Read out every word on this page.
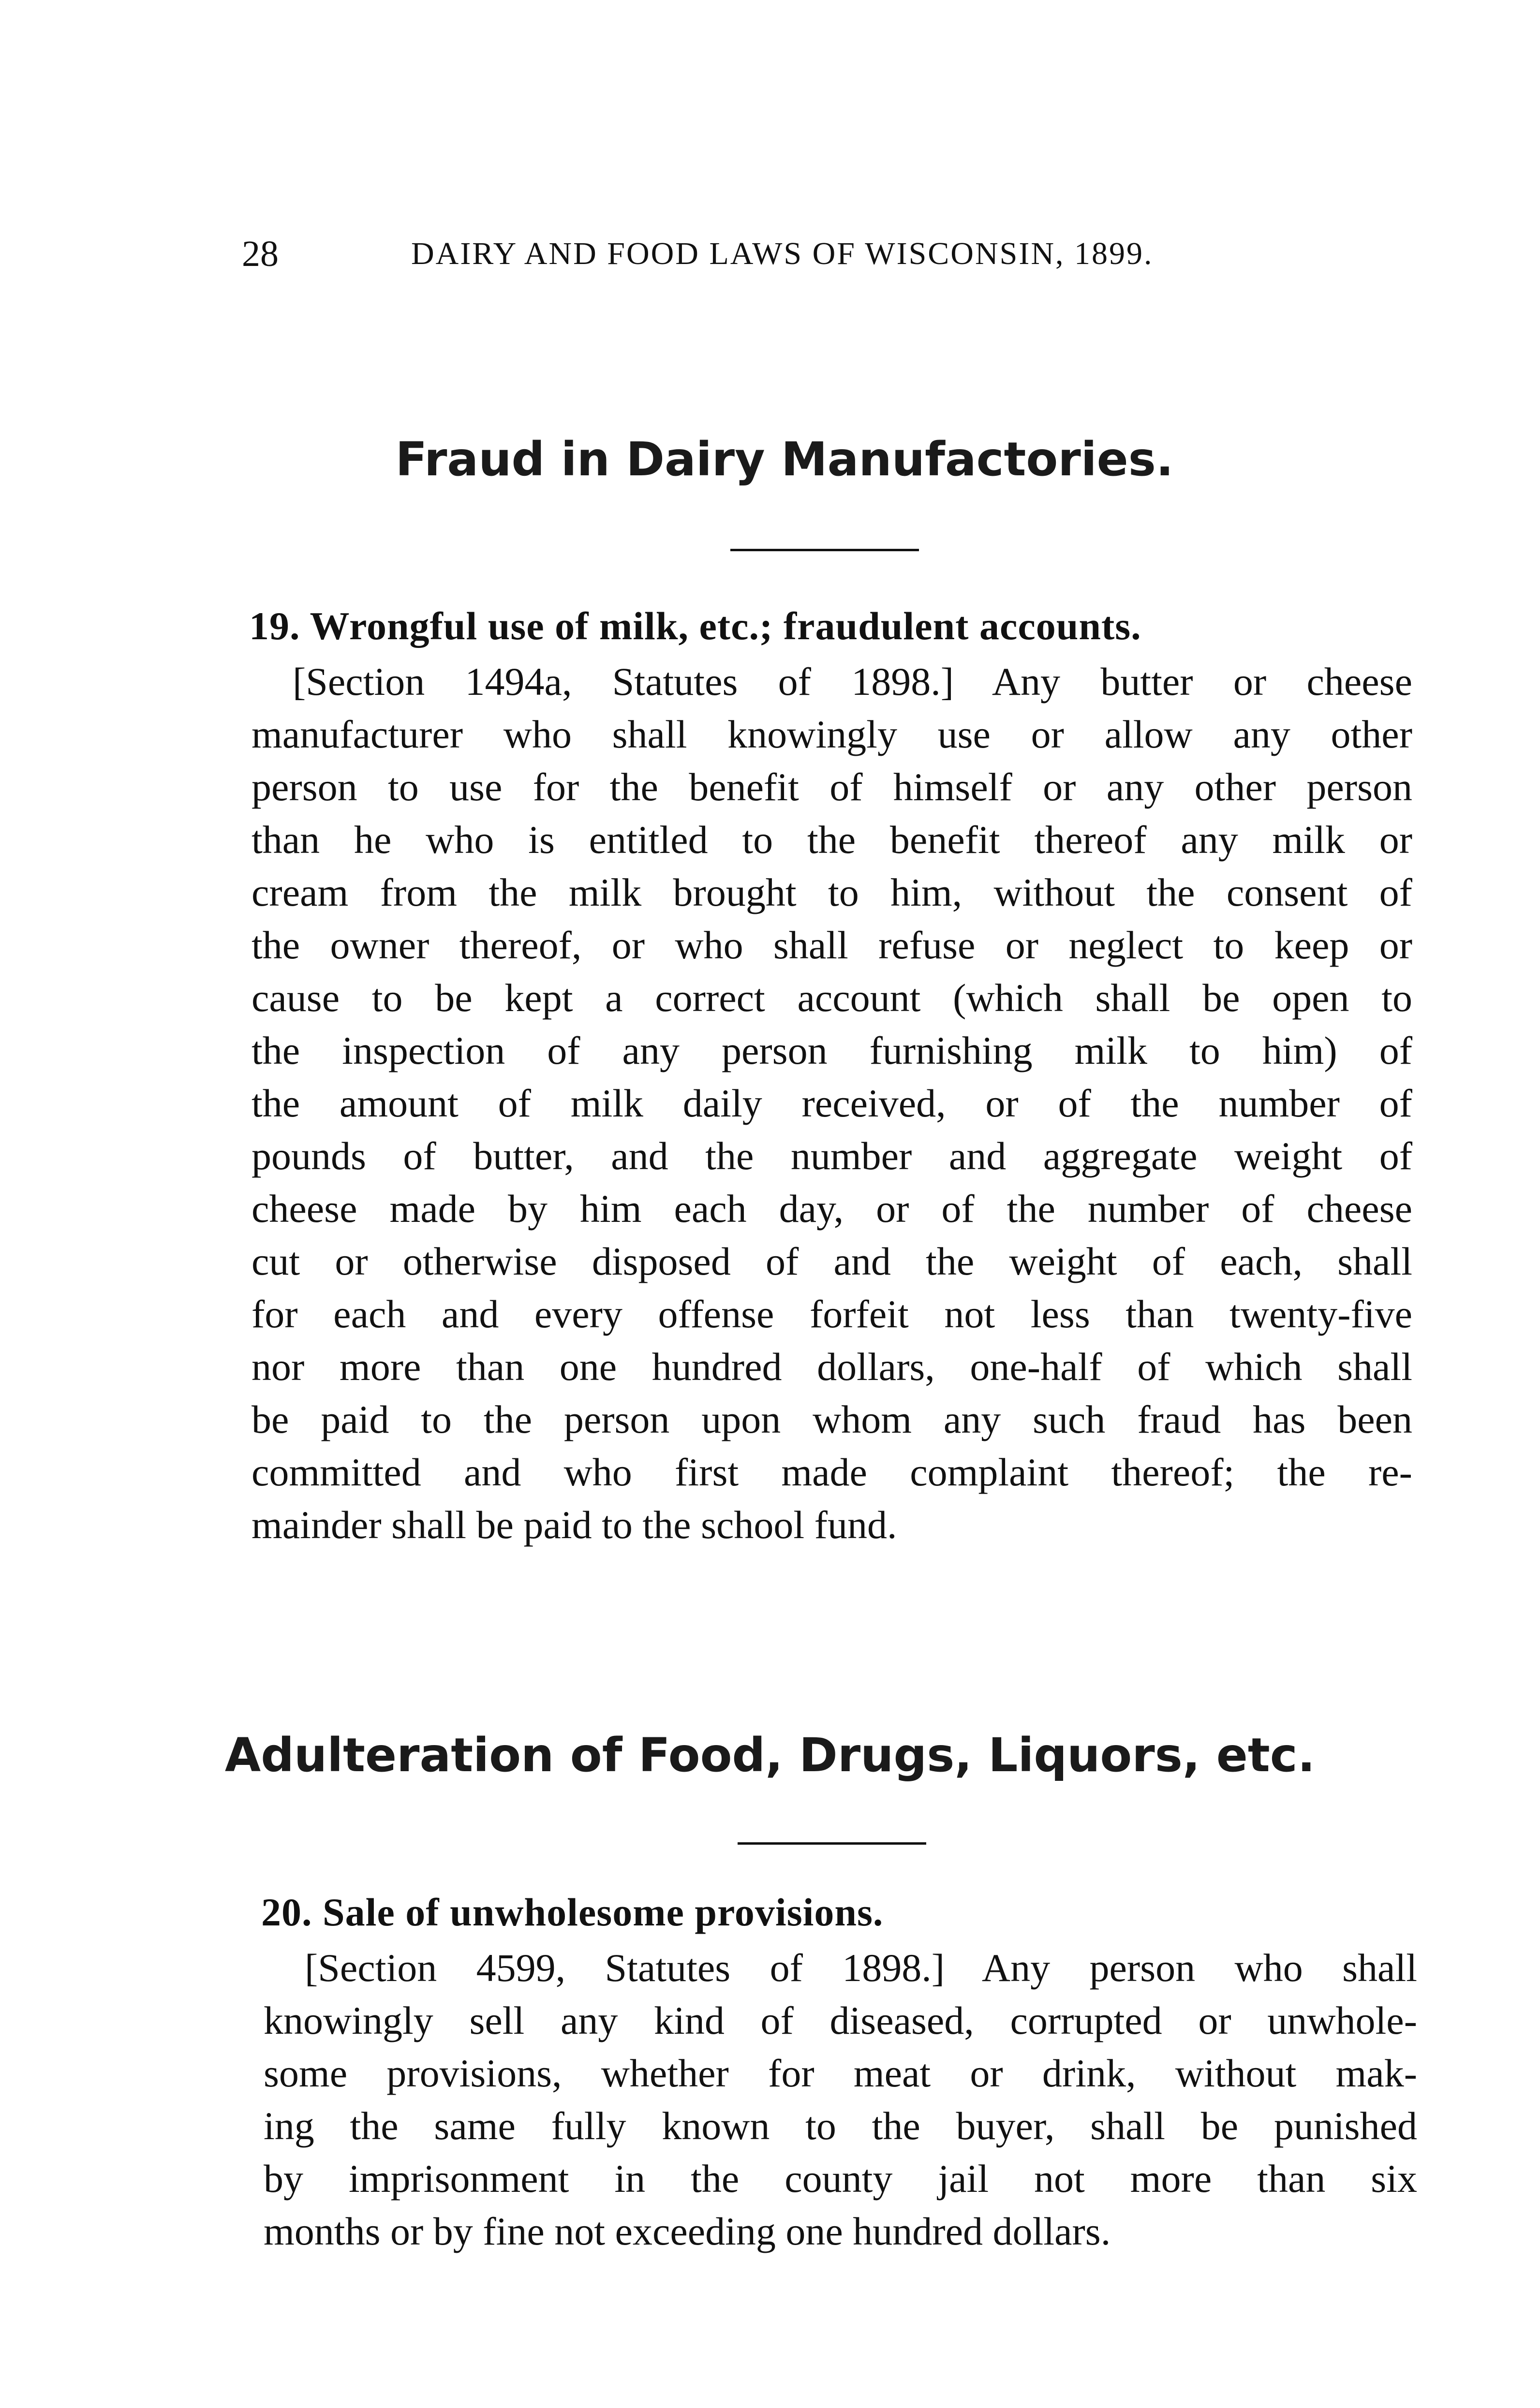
28	DAIRY AND FOOD LAWS OF WISCONSIN, 1899.
Fraud in Dairy Manufactories.
19. Wrongful use of milk, etc.; fraudulent accounts.
[Section 1494a, Statutes of 1898.] Any butter or cheese
manufacturer who shall knowingly use or allow any other
person to use for the benefit of himself or any other person
than he who is entitled to the benefit thereof any milk or
cream from the milk brought to him, without the consent of
the owner thereof, or who shall refuse or neglect to keep or
cause to be kept a correct account (which shall be open to
the inspection of any person furnishing milk to him) of
the amount of milk daily received, or of the number of
pounds of butter, and the number and aggregate weight of
cheese made by him each day, or of the number of cheese
cut or otherwise disposed of and the weight of each, shall
for each and every offense forfeit not less than twenty-five
nor more than one hundred dollars, one-half of which shall
be paid to the person upon whom any such fraud has been
committed and who first made complaint thereof; the re-
mainder shall be paid to the school fund.
Adulteration of Food, Drugs, Liquors, etc.
20. Sale of unwholesome provisions.
[Section 4599, Statutes of 1898.] Any person who shall
knowingly sell any kind of diseased, corrupted or unwhole-
some provisions, whether for meat or drink, without mak-
ing the same fully known to the buyer, shall be punished
by imprisonment in the county jail not more than six
months or by fine not exceeding one hundred dollars.
